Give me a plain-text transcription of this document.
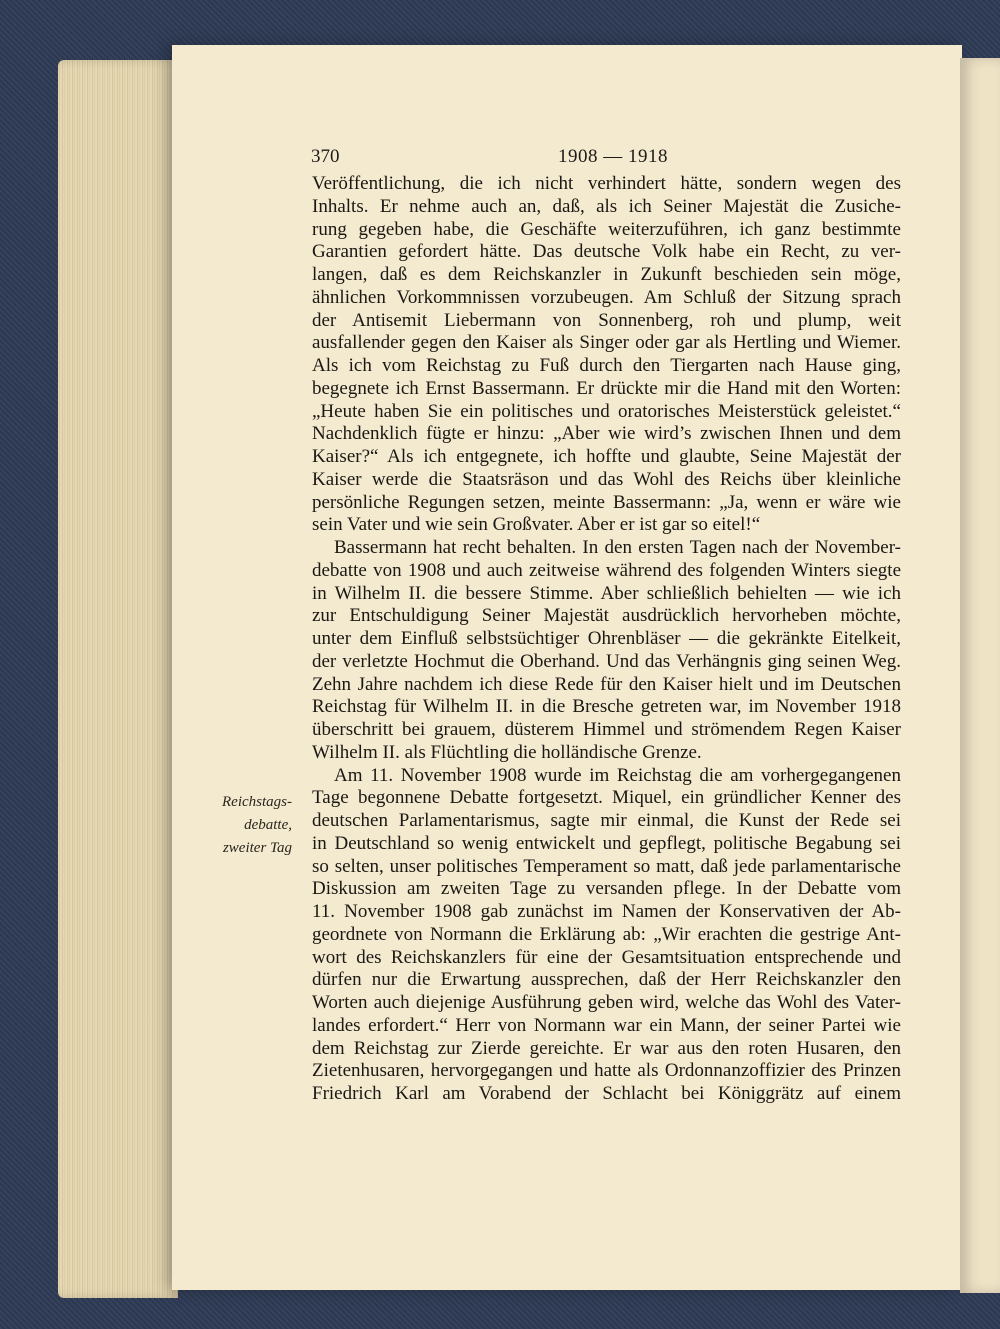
370	1908 — 1918
Reichstags-
debatte,
zweiter Tag
Veröffentlichung, die ich nicht verhindert hätte, sondern wegen des
Inhalts. Er nehme auch an, daß, als ich Seiner Majestät die Zusiche-
rung gegeben habe, die Geschäfte weiterzuführen, ich ganz bestimmte
Garantien gefordert hätte. Das deutsche Volk habe ein Recht, zu ver-
langen, daß es dem Reichskanzler in Zukunft beschieden sein möge,
ähnlichen Vorkommnissen vorzubeugen. Am Schluß der Sitzung sprach
der Antisemit Liebermann von Sonnenberg, roh und plump, weit
ausfallender gegen den Kaiser als Singer oder gar als Hertling und Wiemer.
Als ich vom Reichstag zu Fuß durch den Tiergarten nach Hause ging,
begegnete ich Ernst Bassermann. Er drückte mir die Hand mit den Worten:
„Heute haben Sie ein politisches und oratorisches Meisterstück geleistet.“
Nachdenklich fügte er hinzu: „Aber wie wird’s zwischen Ihnen und dem
Kaiser?“ Als ich entgegnete, ich hoffte und glaubte, Seine Majestät der
Kaiser werde die Staatsräson und das Wohl des Reichs über kleinliche
persönliche Regungen setzen, meinte Bassermann: „Ja, wenn er wäre wie
sein Vater und wie sein Großvater. Aber er ist gar so eitel!“
Bassermann hat recht behalten. In den ersten Tagen nach der November-
debatte von 1908 und auch zeitweise während des folgenden Winters siegte
in Wilhelm II. die bessere Stimme. Aber schließlich behielten — wie ich
zur Entschuldigung Seiner Majestät ausdrücklich hervorheben möchte,
unter dem Einfluß selbstsüchtiger Ohrenbläser — die gekränkte Eitelkeit,
der verletzte Hochmut die Oberhand. Und das Verhängnis ging seinen Weg.
Zehn Jahre nachdem ich diese Rede für den Kaiser hielt und im Deutschen
Reichstag für Wilhelm II. in die Bresche getreten war, im November 1918
überschritt bei grauem, düsterem Himmel und strömendem Regen Kaiser
Wilhelm II. als Flüchtling die holländische Grenze.
Am 11. November 1908 wurde im Reichstag die am vorhergegangenen
Tage begonnene Debatte fortgesetzt. Miquel, ein gründlicher Kenner des
deutschen Parlamentarismus, sagte mir einmal, die Kunst der Rede sei
in Deutschland so wenig entwickelt und gepflegt, politische Begabung sei
so selten, unser politisches Temperament so matt, daß jede parlamentarische
Diskussion am zweiten Tage zu versanden pflege. In der Debatte vom
11. November 1908 gab zunächst im Namen der Konservativen der Ab-
geordnete von Normann die Erklärung ab: „Wir erachten die gestrige Ant-
wort des Reichskanzlers für eine der Gesamtsituation entsprechende und
dürfen nur die Erwartung aussprechen, daß der Herr Reichskanzler den
Worten auch diejenige Ausführung geben wird, welche das Wohl des Vater-
landes erfordert.“ Herr von Normann war ein Mann, der seiner Partei wie
dem Reichstag zur Zierde gereichte. Er war aus den roten Husaren, den
Zietenhusaren, hervorgegangen und hatte als Ordonnanzoffizier des Prinzen
Friedrich Karl am Vorabend der Schlacht bei Königgrätz auf einem
